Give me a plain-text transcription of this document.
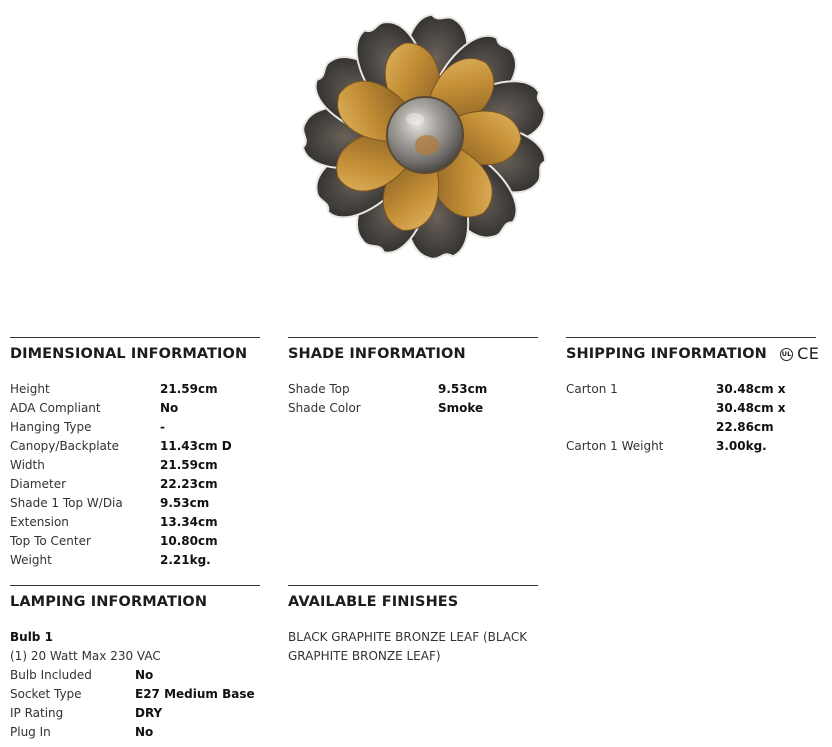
DIMENSIONAL INFORMATION
Height	21.59cm
ADA Compliant	No
Hanging Type	-
Canopy/Backplate	11.43cm D
Width	21.59cm
Diameter	22.23cm
Shade 1 Top W/Dia	9.53cm
Extension	13.34cm
Top To Center	10.80cm
Weight	2.21kg.
SHADE INFORMATION
Shade Top	9.53cm
Shade Color	Smoke
SHIPPING INFORMATION UL CE
Carton 1	30.48cm x 30.48cm x 22.86cm
Carton 1 Weight	3.00kg.
LAMPING INFORMATION
Bulb 1
(1) 20 Watt Max 230 VAC
Bulb Included	No
Socket Type	E27 Medium Base
IP Rating	DRY
Plug In	No
AVAILABLE FINISHES
BLACK GRAPHITE BRONZE LEAF (BLACK GRAPHITE BRONZE LEAF)
